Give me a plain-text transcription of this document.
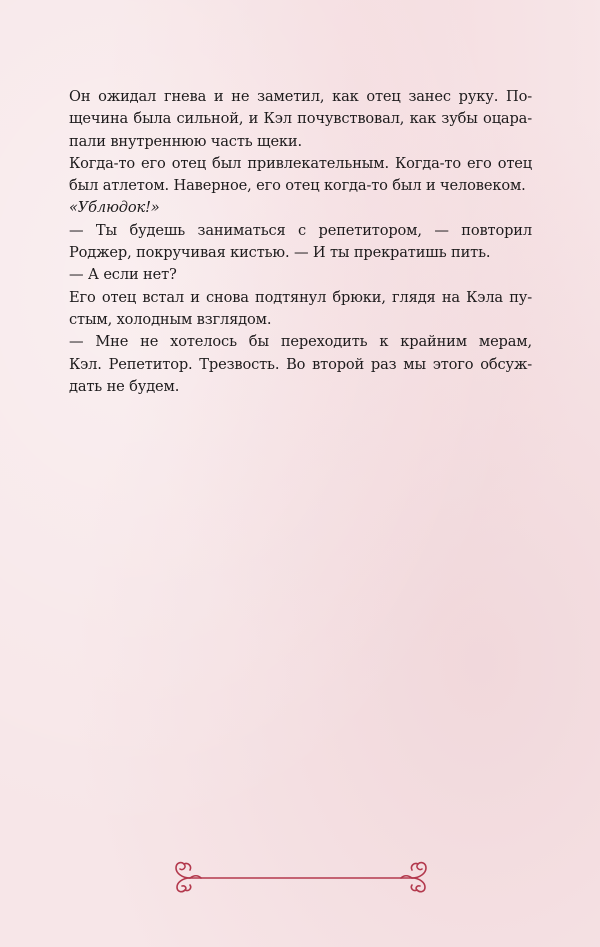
Он ожидал гнева и не заметил, как отец занес руку. По-
щечина была сильной, и Кэл почувствовал, как зубы оцара-
пали внутреннюю часть щеки.

Когда-то его отец был привлекательным. Когда-то его отец
был атлетом. Наверное, его отец когда-то был и человеком.

«Ублюдок!»

— Ты будешь заниматься с репетитором, — повторил
Роджер, покручивая кистью. — И ты прекратишь пить.

— А если нет?

Его отец встал и снова подтянул брюки, глядя на Кэла пу-
стым, холодным взглядом.

— Мне не хотелось бы переходить к крайним мерам,
Кэл. Репетитор. Трезвость. Во второй раз мы этого обсуж-
дать не будем.
